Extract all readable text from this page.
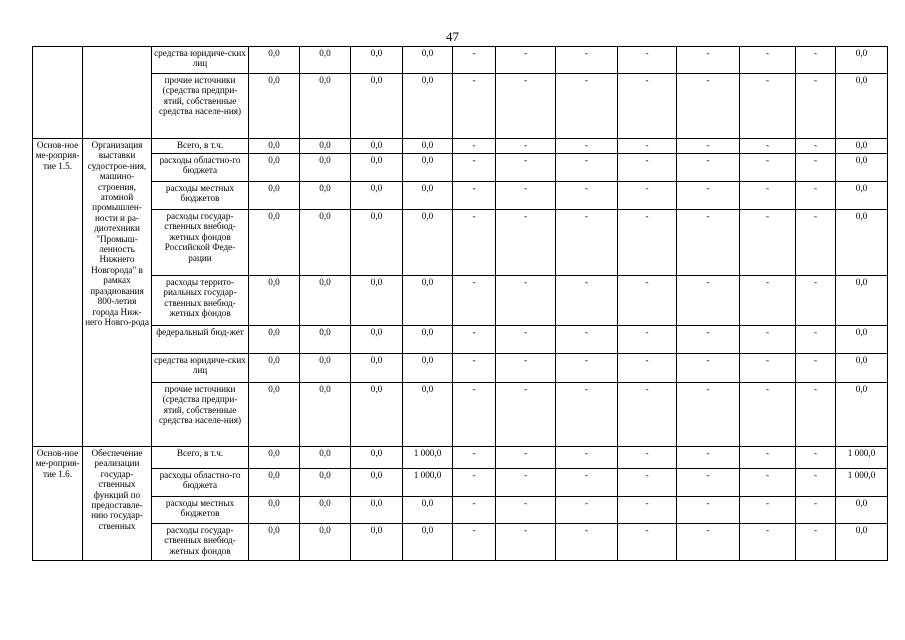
47
		средства юридиче-ских лиц	0,0	0,0	0,0	0,0	-	-	-	-	-	-	-	0,0
		прочие источники (средства предпри-ятий, собственные средства населе-ния)	0,0	0,0	0,0	0,0	-	-	-	-	-	-	-	0,0
Основ-ное ме-роприя-тие 1.5.	Организация выставки судострое-ния, машино-строения, атомной промышлен-ности и ра-диотехники "Промыш-ленность Нижнего Новгорода" в рамках празднования 800-летия города Ниж-него Новго-рода	Всего, в т.ч.	0,0	0,0	0,0	0,0	-	-	-	-	-	-	-	0,0
		расходы областно-го бюджета	0,0	0,0	0,0	0,0	-	-	-	-	-	-	-	0,0
		расходы местных бюджетов	0,0	0,0	0,0	0,0	-	-	-	-	-	-	-	0,0
		расходы государ-ственных внебюд-жетных фондов Российской Феде-рации	0,0	0,0	0,0	0,0	-	-	-	-	-	-	-	0,0
		расходы террито-риальных государ-ственных внебюд-жетных фондов	0,0	0,0	0,0	0,0	-	-	-	-	-	-	-	0,0
		федеральный бюд-жет	0,0	0,0	0,0	0,0	-	-	-	-	-	-	-	0,0
		средства юридиче-ских лиц	0,0	0,0	0,0	0,0	-	-	-	-	-	-	-	0,0
		прочие источники (средства предпри-ятий, собственные средства населе-ния)	0,0	0,0	0,0	0,0	-	-	-	-	-	-	-	0,0
Основ-ное ме-роприя-тие 1.6.	Обеспечение реализации государ-ственных функций по предоставле-нию государ-ственных	Всего, в т.ч.	0,0	0,0	0,0	1 000,0	-	-	-	-	-	-	-	1 000,0
		расходы областно-го бюджета	0,0	0,0	0,0	1 000,0	-	-	-	-	-	-	-	1 000,0
		расходы местных бюджетов	0,0	0,0	0,0	0,0	-	-	-	-	-	-	-	0,0
		расходы государ-ственных внебюд-жетных фондов	0,0	0,0	0,0	0,0	-	-	-	-	-	-	-	0,0
